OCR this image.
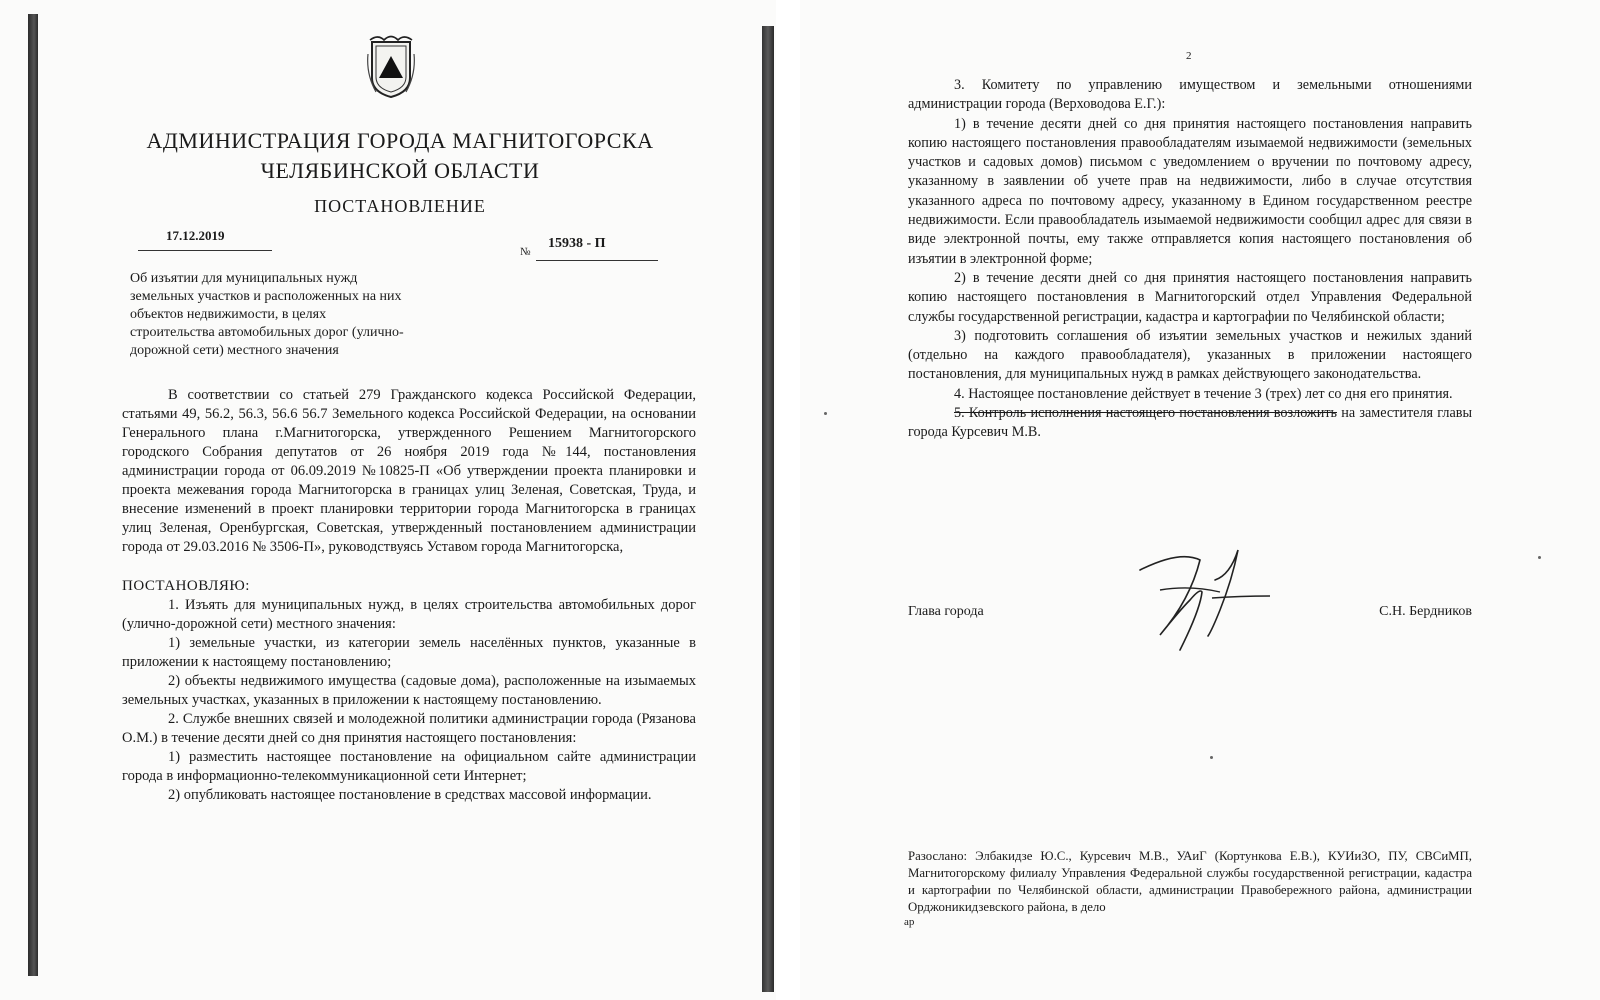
АДМИНИСТРАЦИЯ ГОРОДА МАГНИТОГОРСКА
ЧЕЛЯБИНСКОЙ ОБЛАСТИ
ПОСТАНОВЛЕНИЕ
17.12.2019
№
15938 - П
Об изъятии для муниципальных нужд
земельных участков и расположенных на них
объектов недвижимости, в целях
строительства автомобильных дорог (улично-
дорожной сети) местного значения

В соответствии со статьей 279 Гражданского кодекса Российской Федерации, статьями 49, 56.2, 56.3, 56.6 56.7 Земельного кодекса Российской Федерации, на основании Генерального плана г.Магнитогорска, утвержденного Решением Магнитогорского городского Собрания депутатов от 26 ноября 2019 года №144, постановления администрации города от 06.09.2019 №10825-П «Об утверждении проекта планировки и проекта межевания города Магнитогорска в границах улиц Зеленая, Советская, Труда, и внесение изменений в проект планировки территории города Магнитогорска в границах улиц Зеленая, Оренбургская, Советская, утвержденный постановлением администрации города от 29.03.2016 № 3506-П», руководствуясь Уставом города Магнитогорска,

ПОСТАНОВЛЯЮ:

1. Изъять для муниципальных нужд, в целях строительства автомобильных дорог (улично-дорожной сети) местного значения:

1) земельные участки, из категории земель населённых пунктов, указанные в приложении к настоящему постановлению;

2) объекты недвижимого имущества (садовые дома), расположенные на изымаемых земельных участках, указанных в приложении к настоящему постановлению.

2. Службе внешних связей и молодежной политики администрации города (Рязанова О.М.) в течение десяти дней со дня принятия настоящего постановления:

1) разместить настоящее постановление на официальном сайте администрации города в информационно-телекоммуникационной сети Интернет;

2) опубликовать настоящее постановление в средствах массовой информации.

2

3. Комитету по управлению имуществом и земельными отношениями администрации города (Верховодова Е.Г.):

1) в течение десяти дней со дня принятия настоящего постановления направить копию настоящего постановления правообладателям изымаемой недвижимости (земельных участков и садовых домов) письмом с уведомлением о вручении по почтовому адресу, указанному в заявлении об учете прав на недвижимости, либо в случае отсутствия указанного адреса по почтовому адресу, указанному в Едином государственном реестре недвижимости. Если правообладатель изымаемой недвижимости сообщил адрес для связи в виде электронной почты, ему также отправляется копия настоящего постановления об изъятии в электронной форме;

2) в течение десяти дней со дня принятия настоящего постановления направить копию настоящего постановления в Магнитогорский отдел Управления Федеральной службы государственной регистрации, кадастра и картографии по Челябинской области;

3) подготовить соглашения об изъятии земельных участков и нежилых зданий (отдельно на каждого правообладателя), указанных в приложении настоящего постановления, для муниципальных нужд в рамках действующего законодательства.

4. Настоящее постановление действует в течение 3 (трех) лет со дня его принятия.

5. Контроль исполнения настоящего постановления возложить на заместителя главы города Курсевич М.В.

Глава города	С.Н. Бердников

Разослано: Элбакидзе Ю.С., Курсевич М.В., УАиГ (Кортункова Е.В.), КУИиЗО, ПУ, СВСиМП, Магнитогорскому филиалу Управления Федеральной службы государственной регистрации, кадастра и картографии по Челябинской области, администрации Правобережного района, администрации Орджоникидзевского района, в дело

ар
